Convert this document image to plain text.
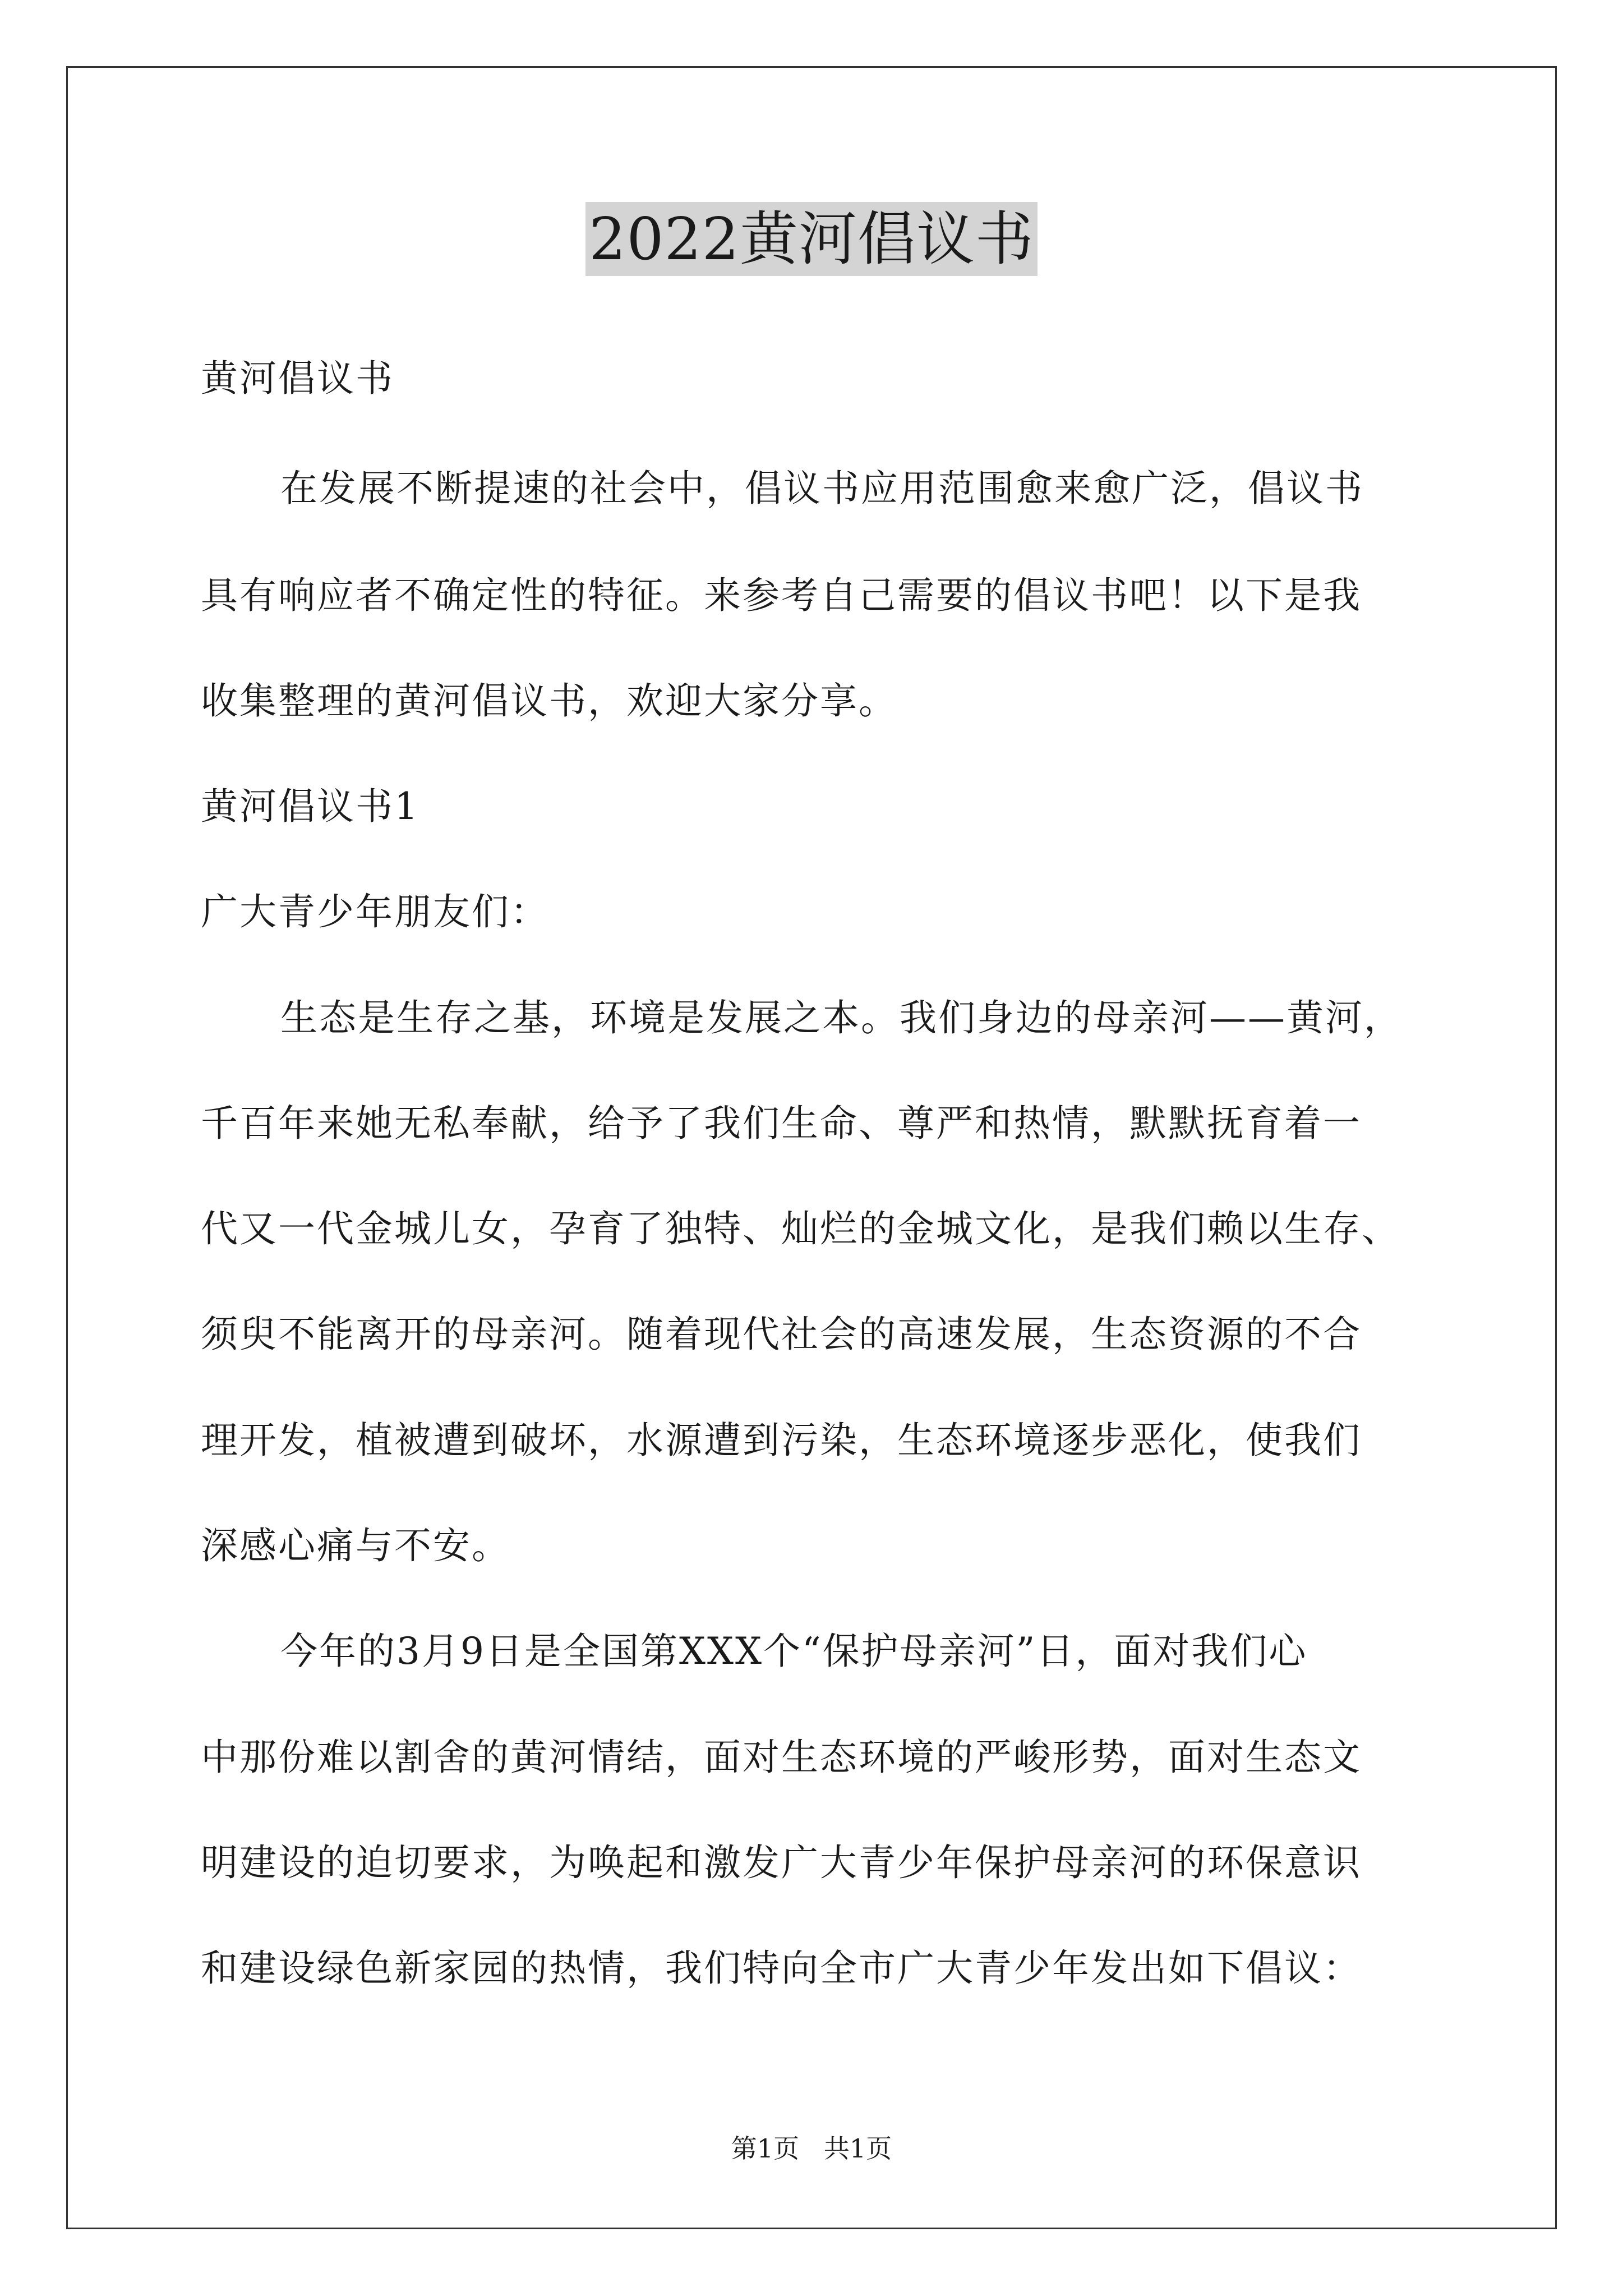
2022黄河倡议书
黄河倡议书
在发展不断提速的社会中，倡议书应用范围愈来愈广泛，倡议书
具有响应者不确定性的特征。来参考自己需要的倡议书吧！以下是我
收集整理的黄河倡议书，欢迎大家分享。
黄河倡议书1
广大青少年朋友们：
生态是生存之基，环境是发展之本。我们身边的母亲河——黄河，
千百年来她无私奉献，给予了我们生命、尊严和热情，默默抚育着一
代又一代金城儿女，孕育了独特、灿烂的金城文化，是我们赖以生存、
须臾不能离开的母亲河。随着现代社会的高速发展，生态资源的不合
理开发，植被遭到破坏，水源遭到污染，生态环境逐步恶化，使我们
深感心痛与不安。
今年的3月9日是全国第XXX个“保护母亲河”日，面对我们心
中那份难以割舍的黄河情结，面对生态环境的严峻形势，面对生态文
明建设的迫切要求，为唤起和激发广大青少年保护母亲河的环保意识
和建设绿色新家园的热情，我们特向全市广大青少年发出如下倡议：
第1页   共1页
